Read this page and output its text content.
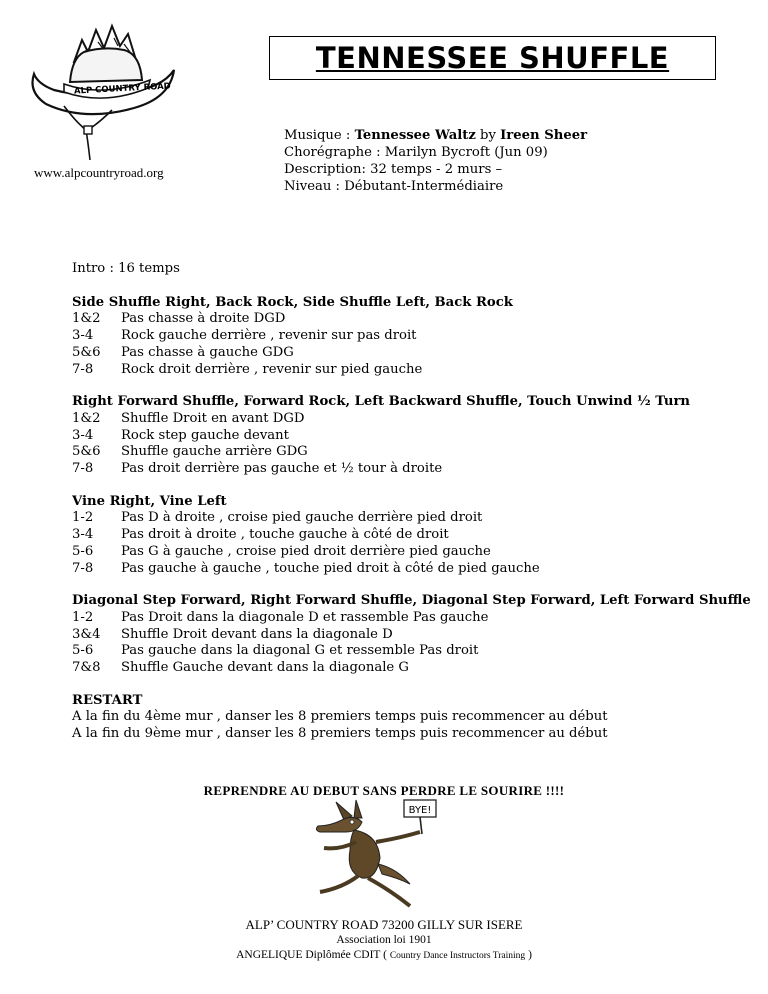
ALP COUNTRY ROAD
www.alpcountryroad.org
TENNESSEE SHUFFLE
Musique : Tennessee Waltz by Ireen Sheer
Chorégraphe : Marilyn Bycroft (Jun 09)
Description: 32 temps - 2 murs –
Niveau : Débutant-Intermédiaire
Intro : 16 temps
Side Shuffle Right, Back Rock, Side Shuffle Left, Back Rock
1&2	Pas chasse à droite DGD
3-4	Rock gauche derrière , revenir sur pas droit
5&6	Pas chasse à gauche GDG
7-8	Rock droit derrière , revenir sur pied gauche
Right Forward Shuffle, Forward Rock, Left Backward Shuffle, Touch Unwind ½ Turn
1&2	Shuffle Droit en avant DGD
3-4	Rock step gauche devant
5&6	Shuffle gauche arrière GDG
7-8	Pas droit derrière pas gauche et ½ tour à droite
Vine Right, Vine Left
1-2	Pas D à droite , croise pied gauche derrière pied droit
3-4	Pas droit à droite , touche gauche à côté de droit
5-6	Pas G à gauche , croise pied droit derrière pied gauche
7-8	Pas gauche à gauche , touche pied droit à côté de pied gauche
Diagonal Step Forward, Right Forward Shuffle, Diagonal Step Forward, Left Forward Shuffle
1-2	Pas Droit dans la diagonale D et rassemble Pas gauche
3&4	Shuffle Droit devant dans la diagonale D
5-6	Pas gauche dans la diagonal G et ressemble Pas droit
7&8	Shuffle Gauche devant dans la diagonale G
RESTART
A la fin du 4ème mur , danser les 8 premiers temps puis recommencer au début
A la fin du 9ème mur , danser les 8 premiers temps puis recommencer au début
REPRENDRE AU DEBUT SANS PERDRE LE SOURIRE !!!!
BYE!
ALP’ COUNTRY ROAD 73200 GILLY SUR ISERE
Association loi 1901
ANGELIQUE Diplômée CDIT ( Country Dance Instructors Training )
